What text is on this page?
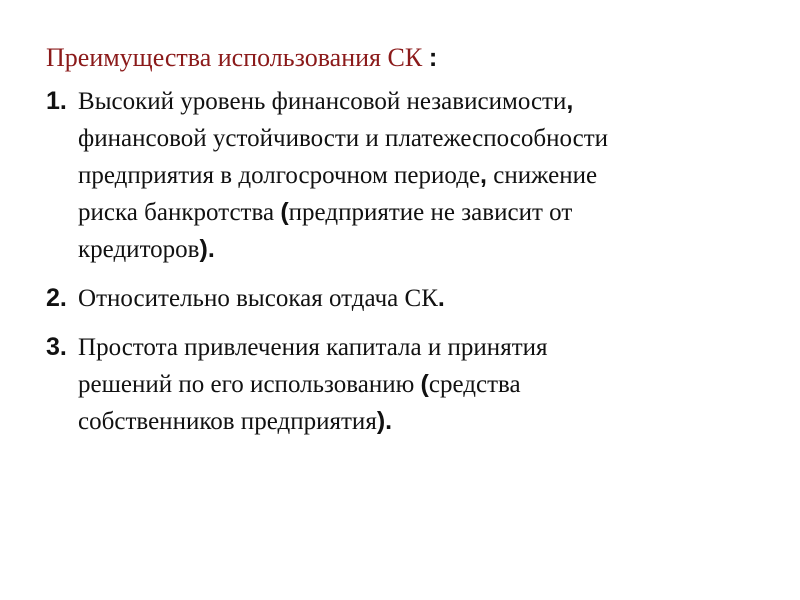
Преимущества использования СК :
1. Высокий уровень финансовой независимости,
финансовой устойчивости и платежеспособности
предприятия в долгосрочном периоде, снижение
риска банкротства (предприятие не зависит от
кредиторов).
2. Относительно высокая отдача СК.
3. Простота привлечения капитала и принятия
решений по его использованию (средства
собственников предприятия).
